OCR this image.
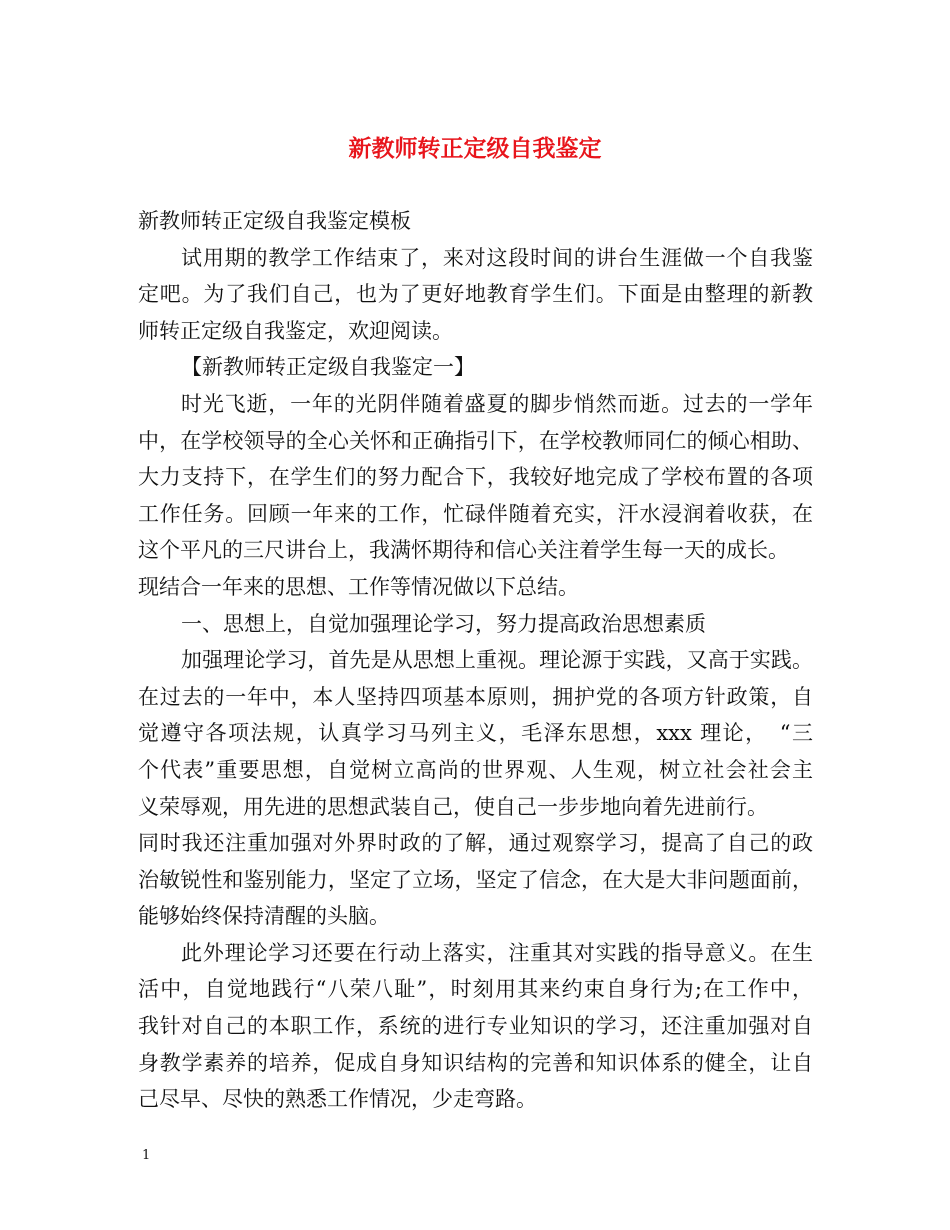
新教师转正定级自我鉴定
新教师转正定级自我鉴定模板
试用期的教学工作结束了，来对这段时间的讲台生涯做一个自我鉴
定吧。为了我们自己，也为了更好地教育学生们。下面是由整理的新教
师转正定级自我鉴定，欢迎阅读。
【新教师转正定级自我鉴定一】
时光飞逝，一年的光阴伴随着盛夏的脚步悄然而逝。过去的一学年
中，在学校领导的全心关怀和正确指引下，在学校教师同仁的倾心相助、
大力支持下，在学生们的努力配合下，我较好地完成了学校布置的各项
工作任务。回顾一年来的工作，忙碌伴随着充实，汗水浸润着收获，在
这个平凡的三尺讲台上，我满怀期待和信心关注着学生每一天的成长。
现结合一年来的思想、工作等情况做以下总结。
一、思想上，自觉加强理论学习，努力提高政治思想素质
加强理论学习，首先是从思想上重视。理论源于实践，又高于实践。
在过去的一年中，本人坚持四项基本原则，拥护党的各项方针政策，自
觉遵守各项法规，认真学习马列主义，毛泽东思想，xxx 理论，　“三
个代表”重要思想，自觉树立高尚的世界观、人生观，树立社会社会主
义荣辱观，用先进的思想武装自己，使自己一步步地向着先进前行。
同时我还注重加强对外界时政的了解，通过观察学习，提高了自己的政
治敏锐性和鉴别能力，坚定了立场，坚定了信念，在大是大非问题面前，
能够始终保持清醒的头脑。
此外理论学习还要在行动上落实，注重其对实践的指导意义。在生
活中，自觉地践行“八荣八耻”，时刻用其来约束自身行为;在工作中，
我针对自己的本职工作，系统的进行专业知识的学习，还注重加强对自
身教学素养的培养，促成自身知识结构的完善和知识体系的健全，让自
己尽早、尽快的熟悉工作情况，少走弯路。
1
